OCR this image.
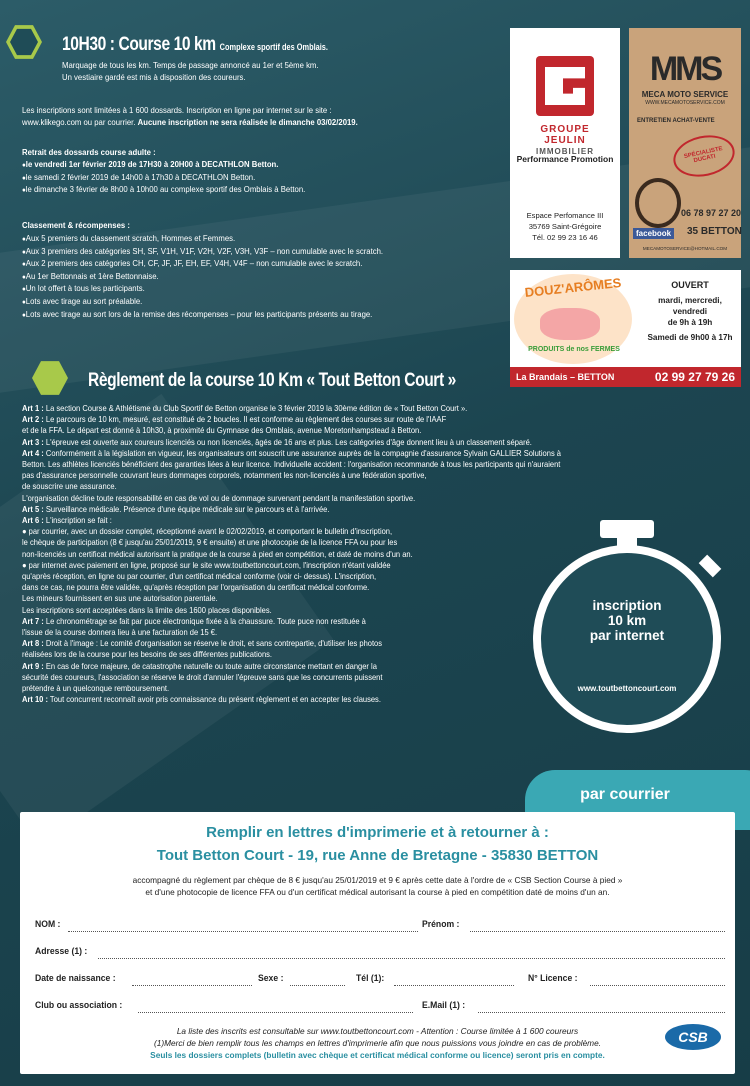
10H30 : Course 10 km Complexe sportif des Omblais.
Marquage de tous les km. Temps de passage annoncé au 1er et 5ème km.
Un vestiaire gardé est mis à disposition des coureurs.
Les inscriptions sont limitées à 1 600 dossards. Inscription en ligne par internet sur le site :
www.klikego.com ou par courrier. Aucune inscription ne sera réalisée le dimanche 03/02/2019.
Retrait des dossards course adulte :
● le vendredi 1er février 2019 de 17H30 à 20H00 à DECATHLON Betton.
● le samedi 2 février 2019 de 14h00 à 17h30 à DECATHLON Betton.
● le dimanche 3 février de 8h00 à 10h00 au complexe sportif des Omblais à Betton.
Classement & récompenses :
● Aux 5 premiers du classement scratch, Hommes et Femmes.
● Aux 3 premiers des catégories SH, SF, V1H, V1F, V2H, V2F, V3H, V3F – non cumulable avec le scratch.
● Aux 2 premiers des catégories CH, CF, JF, JF, EH, EF, V4H, V4F – non cumulable avec le scratch.
● Au 1er Bettonnais et 1ère Bettonnaise.
● Un lot offert à tous les participants.
● Lots avec tirage au sort préalable.
● Lots avec tirage au sort lors de la remise des récompenses – pour les participants présents au tirage.
GROUPE
JEULIN
IMMOBILIER
Performance Promotion
Espace Perfomance III
35769 Saint-Grégoire
Tél. 02 99 23 16 46
MMS
MECA MOTO SERVICE
WWW.MECAMOTOSERVICE.COM
ENTRETIEN ACHAT-VENTE
SPÉCIALISTE DUCATI
facebook
06 78 97 27 20
35 BETTON
MECAMOTOSERVICE@HOTMAIL.COM
DOUZ'ARÔMES
PRODUITS de nos FERMES
OUVERT
mardi, mercredi, vendredi
de 9h à 19h
Samedi de 9h00 à 17h
La Brandais – BETTON	02 99 27 79 26
Règlement de la course 10 Km « Tout Betton Court »
Art 1 : La section Course & Athlétisme du Club Sportif de Betton organise le 3 février 2019 la 30ème édition de « Tout Betton Court ».
Art 2 : Le parcours de 10 km, mesuré, est constitué de 2 boucles. Il est conforme au règlement des courses sur route de l'IAAF
et de la FFA. Le départ est donné à 10h30, à proximité du Gymnase des Omblais, avenue Moretonhampstead à Betton.
Art 3 : L'épreuve est ouverte aux coureurs licenciés ou non licenciés, âgés de 16 ans et plus. Les catégories d'âge donnent lieu à un classement séparé.
Art 4 : Conformément à la législation en vigueur, les organisateurs ont souscrit une assurance auprès de la compagnie d'assurance Sylvain GALLIER Solutions à
Betton. Les athlètes licenciés bénéficient des garanties liées à leur licence. Individuelle accident : l'organisation recommande à tous les participants qui n'auraient
pas d'assurance personnelle couvrant leurs dommages corporels, notamment les non-licenciés à une fédération sportive,
de souscrire une assurance.
L'organisation décline toute responsabilité en cas de vol ou de dommage survenant pendant la manifestation sportive.
Art 5 : Surveillance médicale. Présence d'une équipe médicale sur le parcours et à l'arrivée.
Art 6 : L'inscription se fait :
● par courrier, avec un dossier complet, réceptionné avant le 02/02/2019, et comportant le bulletin d'inscription,
le chèque de participation (8 € jusqu'au 25/01/2019, 9 € ensuite) et une photocopie de la licence FFA ou pour les
non-licenciés un certificat médical autorisant la pratique de la course à pied en compétition, et daté de moins d'un an.
● par internet avec paiement en ligne, proposé sur le site www.toutbettoncourt.com, l'inscription n'étant validée
qu'après réception, en ligne ou par courrier, d'un certificat médical conforme (voir ci- dessus). L'inscription,
dans ce cas, ne pourra être validée, qu'après réception par l'organisation du certificat médical conforme.
Les mineurs fournissent en sus une autorisation parentale.
Les inscriptions sont acceptées dans la limite des 1600 places disponibles.
Art 7 : Le chronométrage se fait par puce électronique fixée à la chaussure. Toute puce non restituée à
l'issue de la course donnera lieu à une facturation de 15 €.
Art 8 : Droit à l'image : Le comité d'organisation se réserve le droit, et sans contrepartie, d'utiliser les photos
réalisées lors de la course pour les besoins de ses différentes publications.
Art 9 : En cas de force majeure, de catastrophe naturelle ou toute autre circonstance mettant en danger la
sécurité des coureurs, l'association se réserve le droit d'annuler l'épreuve sans que les concurrents puissent
prétendre à un quelconque remboursement.
Art 10 : Tout concurrent reconnaît avoir pris connaissance du présent règlement et en accepter les clauses.
inscription
10 km
par internet
www.toutbettoncourt.com
par courrier
Remplir en lettres d'imprimerie et à retourner à :
Tout Betton Court - 19, rue Anne de Bretagne - 35830 BETTON
accompagné du règlement par chèque de 8 € jusqu'au 25/01/2019 et 9 € après cette date à l'ordre de « CSB Section Course à pied »
et d'une photocopie de licence FFA ou d'un certificat médical autorisant la course à pied en compétition daté de moins d'un an.
NOM :	Prénom :
Adresse (1) :
Date de naissance :	Sexe :	Tél (1):	N° Licence :
Club ou association :	E.Mail (1) :
La liste des inscrits est consultable sur www.toutbettoncourt.com - Attention : Course limitée à 1 600 coureurs
(1)Merci de bien remplir tous les champs en lettres d'imprimerie afin que nous puissions vous joindre en cas de problème.
Seuls les dossiers complets (bulletin avec chèque et certificat médical conforme ou licence) seront pris en compte.
CSB
